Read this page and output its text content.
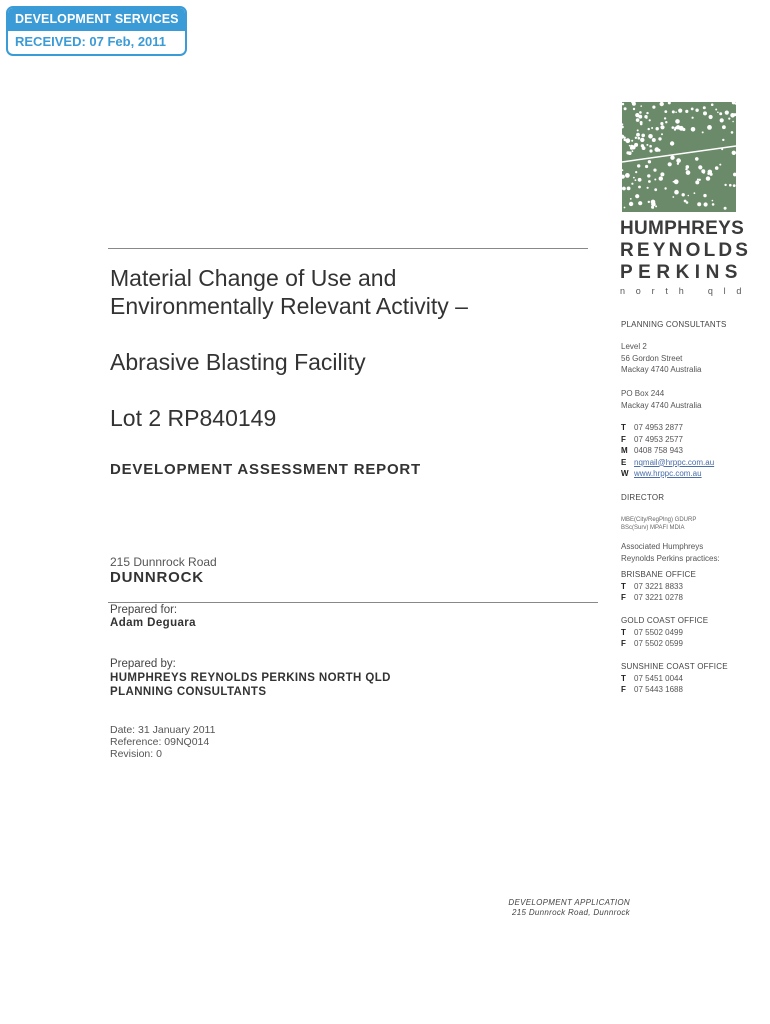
DEVELOPMENT SERVICES
RECEIVED: 07 Feb, 2011
HUMPHREYS
REYNOLDS
PERKINS
north qld
PLANNING CONSULTANTS
Level 2
56 Gordon Street
Mackay 4740 Australia
PO Box 244
Mackay 4740 Australia
T	07 4953 2877
F	07 4953 2577
M 0408 758 943
E nqmail@hrppc.com.au
W www.hrppc.com.au
DIRECTOR
MBE(City/RegPlng) GDURP
BSc(Surv) MPAFI MDIA
Associated Humphreys
Reynolds Perkins practices:
BRISBANE OFFICE
T	07 3221 8833
F	07 3221 0278
GOLD COAST OFFICE
T	07 5502 0499
F	07 5502 0599
SUNSHINE COAST OFFICE
T	07 5451 0044
F	07 5443 1688
Material Change of Use and
Environmentally Relevant Activity –
Abrasive Blasting Facility
Lot 2 RP840149
DEVELOPMENT ASSESSMENT REPORT
215 Dunnrock Road
DUNNROCK
Prepared for:
Adam Deguara
Prepared by:
HUMPHREYS REYNOLDS PERKINS NORTH QLD
PLANNING CONSULTANTS
Date: 31 January 2011
Reference: 09NQ014
Revision: 0
DEVELOPMENT APPLICATION
215 Dunnrock Road, Dunnrock
